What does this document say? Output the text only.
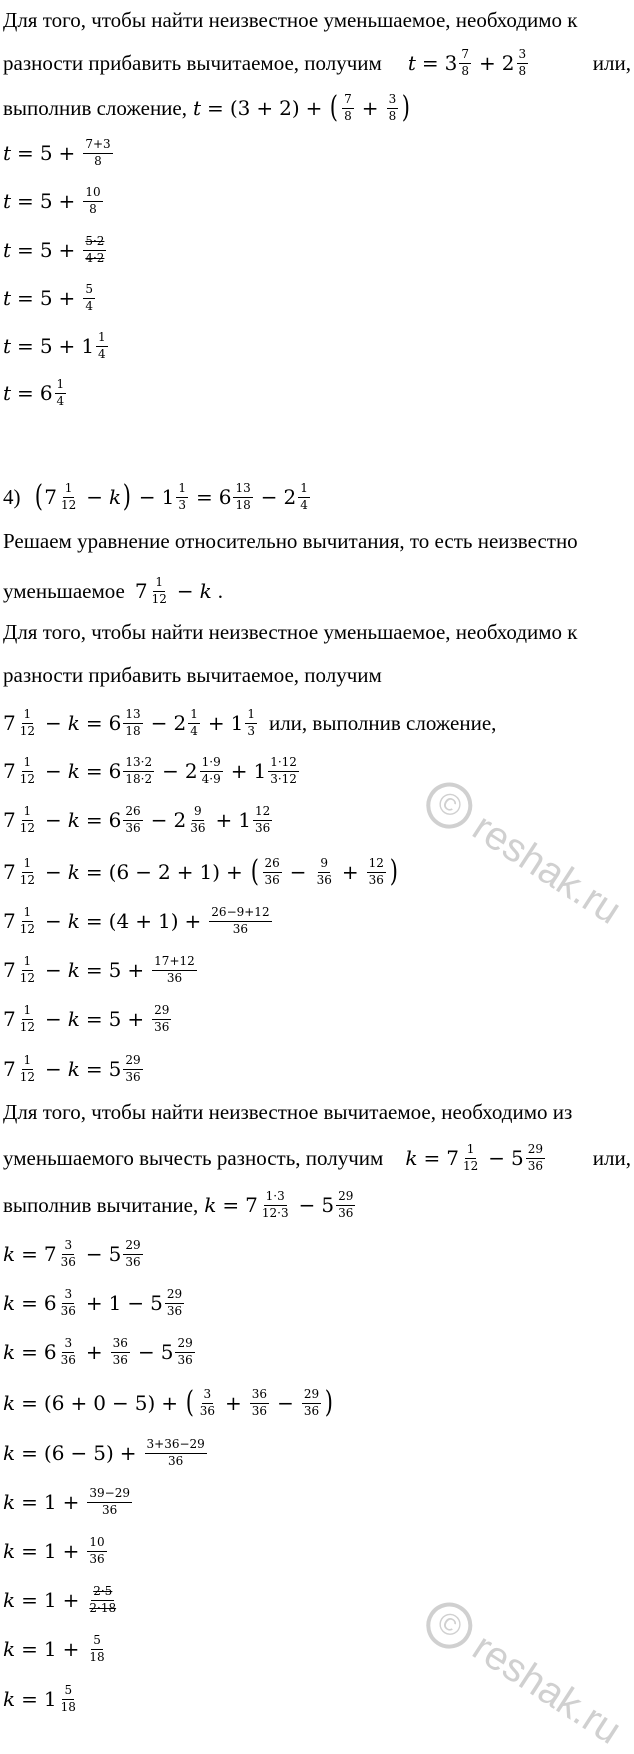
Для того, чтобы найти неизвестное уменьшаемое, необходимо к
разности прибавить вычитаемое, получим $t = 3 \frac{7}{8} + 2 \frac{3}{8}$	или,
выполнив сложение, t = ( 3 + 2 ) + ( $\frac{7}{8} + \frac{3}{8}$ )
$t = 5 + \frac{7+3}{8}$
$t = 5 + \frac{10}{8}$
$t = 5 + \frac{5\cdot 2}{4\cdot 2}$
$t = 5 + \frac{5}{4}$
$t = 5 + 1 \frac{1}{4}$
$t = 6 \frac{1}{4}$
4) ( $7 \frac{1}{12} - k$ ) − $1 \frac{1}{3} = 6 \frac{13}{18} - 2 \frac{1}{4}$
Решаем уравнение относительно вычитания, то есть неизвестно
уменьшаемое $7 \frac{1}{12} - k$ .
Для того, чтобы найти неизвестное уменьшаемое, необходимо к
разности прибавить вычитаемое, получим
$7 \frac{1}{12} - k = 6 \frac{13}{18} - 2 \frac{1}{4} + 1 \frac{1}{3}$ или, выполнив сложение,
$7 \frac{1}{12} - k = 6 \frac{13\cdot 2}{18\cdot 2} - 2 \frac{1\cdot 9}{4\cdot 9} + 1 \frac{1\cdot 12}{3\cdot 12}$
$7 \frac{1}{12} - k = 6 \frac{26}{36} - 2 \frac{9}{36} + 1 \frac{12}{36}$
$7 \frac{1}{12} - k$ = ( 6 − 2 + 1 ) + ( $\frac{26}{36} - \frac{9}{36} + \frac{12}{36}$ )
$7 \frac{1}{12} - k$ = ( 4 + 1 ) + $\frac{26-9+12}{36}$
$7 \frac{1}{12} - k = 5 + \frac{17+12}{36}$
$7 \frac{1}{12} - k = 5 + \frac{29}{36}$
$7 \frac{1}{12} - k = 5 \frac{29}{36}$
Для того, чтобы найти неизвестное вычитаемое, необходимо из
уменьшаемого вычесть разность, получим $k = 7 \frac{1}{12} - 5 \frac{29}{36}$ или,
выполнив вычитание, $k = 7 \frac{1\cdot 3}{12\cdot 3} - 5 \frac{29}{36}$
$k = 7 \frac{3}{36} - 5 \frac{29}{36}$
$k = 6 \frac{3}{36} + 1 - 5 \frac{29}{36}$
$k = 6 \frac{3}{36} + \frac{36}{36} - 5 \frac{29}{36}$
k = ( 6 + 0 − 5 ) + ( $\frac{3}{36} + \frac{36}{36} - \frac{29}{36}$ )
k = ( 6 − 5 ) + $\frac{3+36-29}{36}$
$k = 1 + \frac{39-29}{36}$
$k = 1 + \frac{10}{36}$
$k = 1 + \frac{2\cdot 5}{2\cdot 18}$
$k = 1 + \frac{5}{18}$
$k = 1 \frac{5}{18}$
©
reshak.ru
©
reshak.ru
